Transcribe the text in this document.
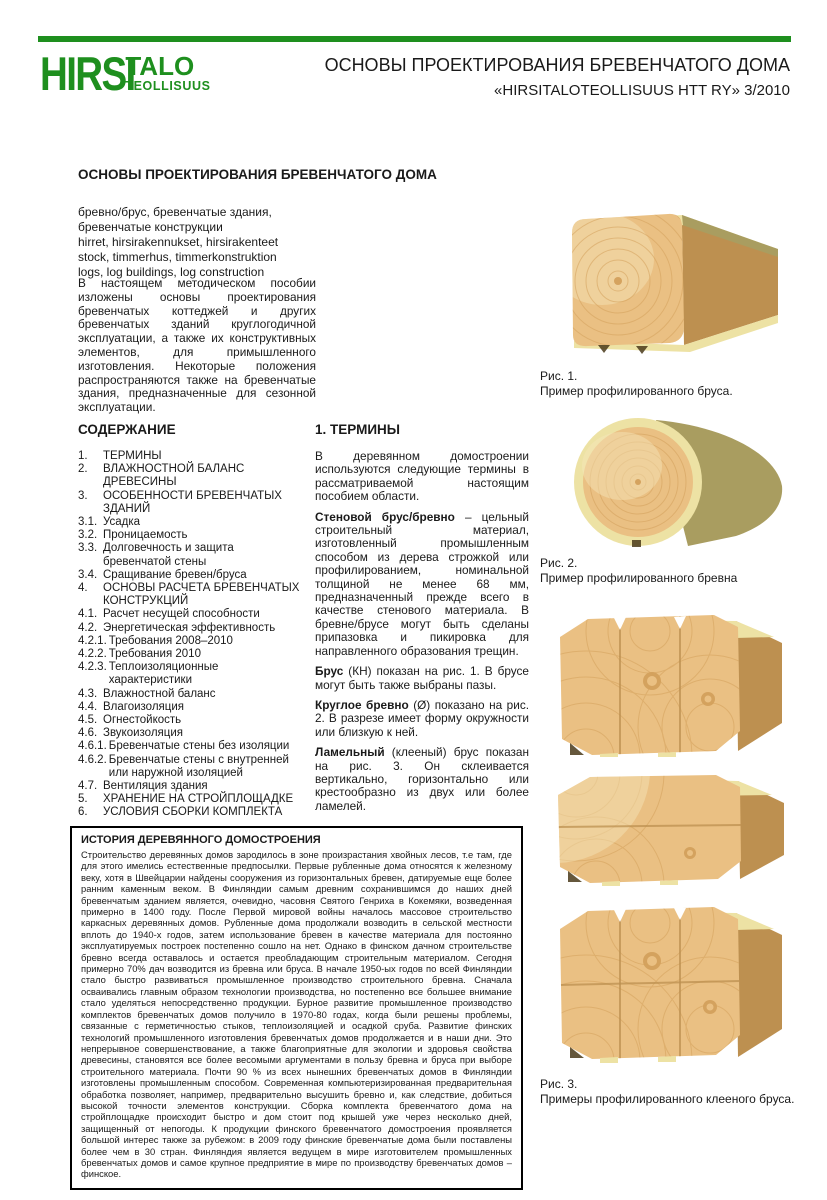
HIRSI
TALO
TEOLLISUUS
ОСНОВЫ ПРОЕКТИРОВАНИЯ БРЕВЕНЧАТОГО ДОМА
«HIRSITALOTEOLLISUUS HTT RY» 3/2010
ОСНОВЫ ПРОЕКТИРОВАНИЯ БРЕВЕНЧАТОГО ДОМА
бревно/брус, бревенчатые здания,
бревенчатые конструкции
hirret, hirsirakennukset, hirsirakenteet
stock, timmerhus, timmerkonstruktion
logs, log buildings, log construction

В настоящем методическом пособии изложены основы проектирования бревенчатых коттеджей и других бревенчатых зданий круглогодичной эксплуатации, а также их конструктивных элементов, для примышленного изготовления. Некоторые положения распространяются также на бревенчатые здания, предназначенные для сезонной эксплуатации.

СОДЕРЖАНИЕ
1.	ТЕРМИНЫ
2.	ВЛАЖНОСТНОЙ БАЛАНС ДРЕВЕСИНЫ
3.	ОСОБЕННОСТИ БРЕВЕНЧАТЫХ ЗДАНИЙ
3.1. Усадка
3.2. Проницаемость
3.3. Долговечность и защита бревенчатой стены
3.4. Сращивание бревен/бруса
4.	ОСНОВЫ РАСЧЕТА БРЕВЕНЧАТЫХ КОНСТРУКЦИЙ
4.1. Расчет несущей способности
4.2. Энергетическая эффективность
4.2.1. Требования 2008–2010
4.2.2. Требования 2010
4.2.3. Теплоизоляционные характеристики
4.3. Влажностной баланс
4.4. Влагоизоляция
4.5. Огнестойкость
4.6. Звукоизоляция
4.6.1. Бревенчатые стены без изоляции
4.6.2. Бревенчатые стены с внутренней или наружной изоляцией
4.7. Вентиляция здания
5.	ХРАНЕНИЕ НА СТРОЙПЛОЩАДКЕ
6.	УСЛОВИЯ СБОРКИ КОМПЛЕКТА
1. ТЕРМИНЫ

В деревянном домостроении используются следующие термины в рассматриваемой настоящим пособием области.

Стеновой брус/бревно – цельный строительный материал, изготовленный промышленным способом из дерева строжкой или профилированием, номинальной толщиной не менее 68 мм, предназначенный прежде всего в качестве стенового материала. В бревне/брусе могут быть сделаны припазовка и пикировка для направленного образования трещин.

Брус (КН) показан на рис. 1. В брусе могут быть также выбраны пазы.

Круглое бревно (Ø) показано на рис. 2. В разрезе имеет форму окружности или близкую к ней.

Ламельный (клееный) брус показан на рис. 3. Он склеивается вертикально, горизонтально или крестообразно из двух или более ламелей.

Рис. 1.
Пример профилированного бруса.
Рис. 2.
Пример профилированного бревна
Рис. 3.
Примеры профилированного клееного бруса.
ИСТОРИЯ ДЕРЕВЯННОГО ДОМОСТРОЕНИЯ
Строительство деревянных домов зародилось в зоне произрастания хвойных лесов, т.е там, где для этого имелись естественные предпосылки. Первые рубленные дома относятся к железному веку, хотя в Швейцарии найдены сооружения из горизонтальных бревен, датируемые еще более ранним каменным веком. В Финляндии самым древним сохранившимся до наших дней бревенчатым зданием является, очевидно, часовня Святого Генриха в Кокемяки, возведенная примерно в 1400 году. После Первой мировой войны началось массовое строительство каркасных деревянных домов. Рубленные дома продолжали возводить в сельской местности вплоть до 1940-х годов, затем использование бревен в качестве материала для постоянно эксплуатируемых построек постепенно сошло на нет. Однако в финском дачном строительстве бревно всегда оставалось и остается преобладающим строительным материалом. Сегодня примерно 70% дач возводится из бревна или бруса. В начале 1950-ых годов по всей Финляндии стало быстро развиваться промышленное производство строительного бревна. Сначала осваивались главным образом технологии производства, но постепенно все большее внимание стало уделяться непосредственно продукции. Бурное развитие промышленное производство комплектов бревенчатых домов получило в 1970-80 годах, когда были решены проблемы, связанные с герметичностью стыков, теплоизоляцией и осадкой сруба. Развитие финских технологий промышленного изготовления бревенчатых домов продолжается и в наши дни. Это непрерывное совершенствование, а также благоприятные для экологии и здоровья свойства древесины, становятся все более весомыми аргументами в пользу бревна и бруса при выборе строительного материала. Почти 90 % из всех нынешних бревенчатых домов в Финляндии изготовлены промышленным способом. Современная компьютеризированная предварительная обработка позволяет, например, предварительно высушить бревно и, как следствие, добиться высокой точности элементов конструкции. Сборка комплекта бревенчатого дома на стройплощадке происходит быстро и дом стоит под крышей уже через несколько дней, защищенный от непогоды. К продукции финского бревенчатого домостроения проявляется большой интерес также за рубежом: в 2009 году финские бревенчатые дома были поставлены более чем в 30 стран. Финляндия является ведущем в мире изготовителем промышленных бревенчатых домов и самое крупное предприятие в мире по производству бревенчатых домов – финское.
